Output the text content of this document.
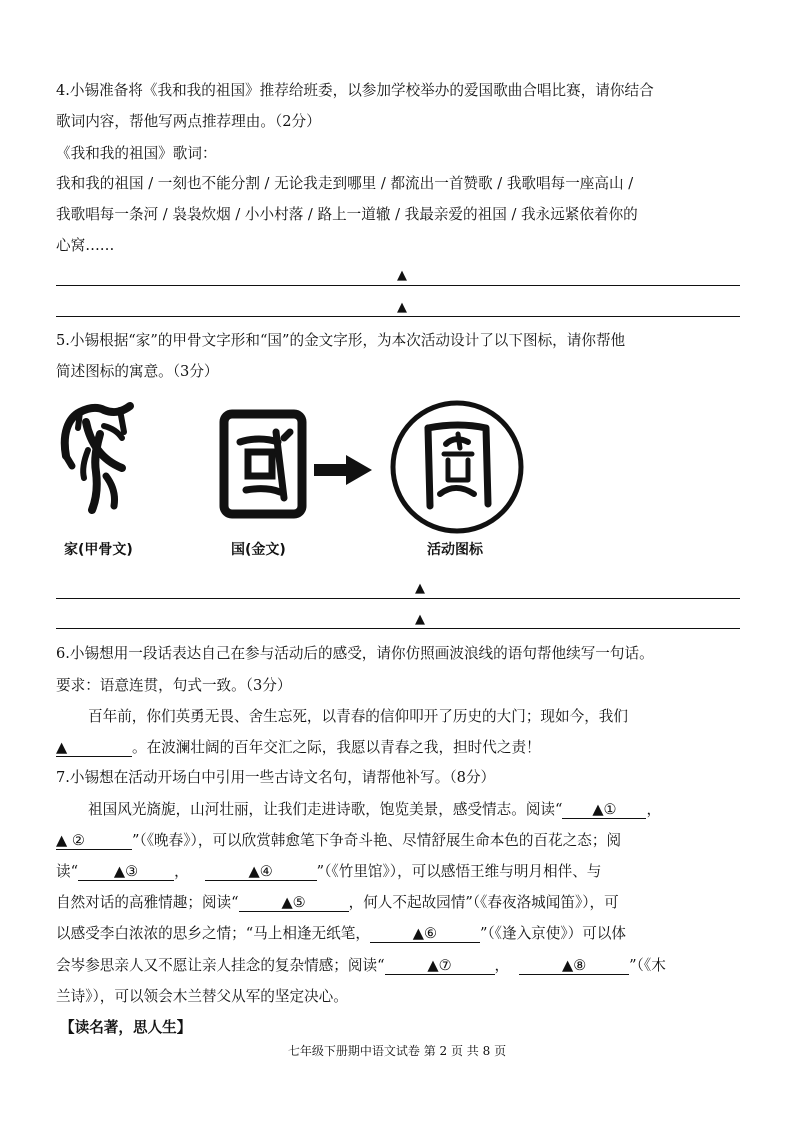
4.小锡准备将《我和我的祖国》推荐给班委，以参加学校举办的爱国歌曲合唱比赛，请你结合

歌词内容，帮他写两点推荐理由。（2分）

《我和我的祖国》歌词：

我和我的祖国 / 一刻也不能分割 / 无论我走到哪里 / 都流出一首赞歌 / 我歌唱每一座高山 /

我歌唱每一条河 / 袅袅炊烟 / 小小村落 / 路上一道辙 / 我最亲爱的祖国 / 我永远紧依着你的

心窝……

▲
▲

5.小锡根据“家”的甲骨文字形和“国”的金文字形，为本次活动设计了以下图标，请你帮他

简述图标的寓意。（3分）

家(甲骨文)	国(金文)	活动图标
▲
▲

6.小锡想用一段话表达自己在参与活动后的感受，请你仿照画波浪线的语句帮他续写一句话。

要求：语意连贯，句式一致。（3分）

百年前，你们英勇无畏、舍生忘死，以青春的信仰叩开了历史的大门；现如今，我们

▲	。在波澜壮阔的百年交汇之际，我愿以青春之我，担时代之责！

7.小锡想在活动开场白中引用一些古诗文名句，请帮他补写。（8分）

祖国风光旖旎，山河壮丽，让我们走进诗歌，饱览美景，感受情志。阅读“ ▲① ，

▲ ②	”（《晚春》），可以欣赏韩愈笔下争奇斗艳、尽情舒展生命本色的百花之态；阅

读“ ▲③ ，	▲④	”（《竹里馆》），可以感悟王维与明月相伴、与

自然对话的高雅情趣；阅读“	▲⑤	，何人不起故园情”（《春夜洛城闻笛》），可

以感受李白浓浓的思乡之情；“马上相逢无纸笔，	▲⑥	”（《逢入京使》）可以体

会岑参思亲人又不愿让亲人挂念的复杂情感；阅读“	▲⑦	，	▲⑧	”（《木

兰诗》），可以领会木兰替父从军的坚定决心。

【读名著，思人生】

七年级下册期中语文试卷 第 2 页 共 8 页
